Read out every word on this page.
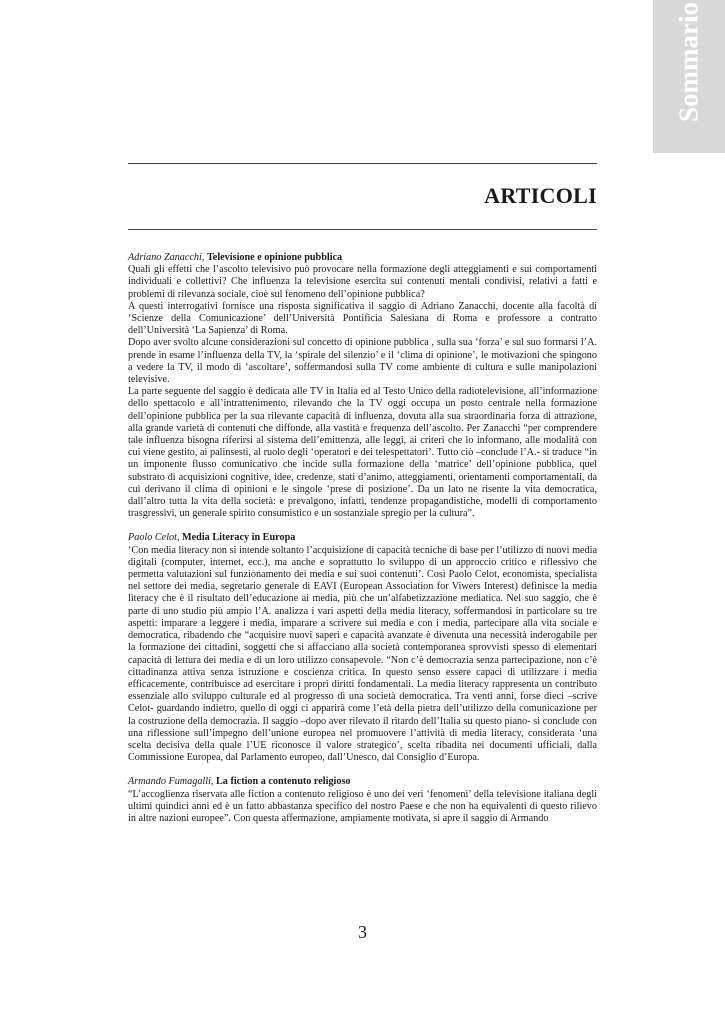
Sommario
ARTICOLI
Adriano Zanacchi, Televisione e opinione pubblica

Quali gli effetti che l’ascolto televisivo può provocare nella formazione degli atteggiamenti e sui comportamenti individuali e collettivi? Che influenza la televisione esercita sui contenuti mentali condivisi, relativi a fatti e problemi di rilevanza sociale, cioè sul fenomeno dell’opinione pubblica?

A questi interrogativi fornisce una risposta significativa il saggio di Adriano Zanacchi, docente alla facoltà di ‘Scienze della Comunicazione’ dell’Università Pontificia Salesiana di Roma e professore a contratto dell’Università ‘La Sapienza’ di Roma.

Dopo aver svolto alcune considerazioni sul concetto di opinione pubblica , sulla sua ‘forza’ e sul suo formarsi l’A. prende in esame l’influenza della TV, la ‘spirale del silenzio’ e il ‘clima di opinione’, le motivazioni che spingono a vedere la TV, il modo di ‘ascoltare’, soffermandosi sulla TV come ambiente di cultura e sulle manipolazioni televisive.

La parte seguente del saggio è dedicata alle TV in Italia ed al Testo Unico della radiotelevisione, all’informazione dello spettacolo e all’intrattenimento, rilevando che la TV oggi occupa un posto centrale nella formazione dell’opinione pubblica per la sua rilevante capacità di influenza, dovuta alla sua straordinaria forza di attrazione, alla grande varietà di contenuti che diffonde, alla vastità e frequenza dell’ascolto. Per Zanacchi “per comprendere tale influenza bisogna riferirsi al sistema dell’emittenza, alle leggi, ai criteri che lo informano, alle modalità con cui viene gestito, ai palinsesti, al ruolo degli ‘operatori e dei telespettatori’. Tutto ciò –conclude l’A.- si traduce “in un imponente flusso comunicativo che incide sulla formazione della ‘matrice’ dell’opinione pubblica, quel substrato di acquisizioni cognitive, idee, credenze, stati d’animo, atteggiamenti, orientamenti comportamentali, da cui derivano il clima di opinioni e le singole ‘prese di posizione’. Da un lato ne risente la vita democratica, dall’altro tutta la vita della società: e prevalgono, infatti, tendenze propagandistiche, modelli di comportamento trasgressivi, un generale spirito consumistico e un sostanziale spregio per la cultura”.

Paolo Celot, Media Literacy in Europa

‘Con media literacy non si intende soltanto l’acquisizione di capacità tecniche di base per l’utilizzo di nuovi media digitali (computer, internet, ecc.), ma anche e soprattutto lo sviluppo di un approccio critico e riflessivo che permetta valutazioni sul funzionamento dei media e sui suoi contenuti’. Così Paolo Celot, economista, specialista nel settore dei media, segretario generale di EAVI (European Association for Viwers Interest) definisce la media literacy che è il risultato dell’educazione ai media, più che un’alfabetizzazione mediatica. Nel suo saggio, che è parte di uno studio più ampio l’A. analizza i vari aspetti della media literacy, soffermandosi in particolare su tre aspetti: imparare a leggere i media, imparare a scrivere sui media e con i media, partecipare alla vita sociale e democratica, ribadendo che “acquisire nuovi saperi e capacità avanzate è divenuta una necessità inderogabile per la formazione dei cittadini, soggetti che si affacciano alla società contemporanea sprovvisti spesso di elementari capacità di lettura dei media e di un loro utilizzo consapevole. “Non c’è democrazia senza partecipazione, non c’è cittadinanza attiva senza istruzione e coscienza critica. In questo senso essere capaci di utilizzare i media efficacemente, contribuisce ad esercitare i propri diritti fondamentali. La media literacy rappresenta un contributo essenziale allo sviluppo culturale ed al progresso di una società democratica. Tra venti anni, forse dieci –scrive Celot- guardando indietro, quello di oggi ci apparirà come l’età della pietra dell’utilizzo della comunicazione per la costruzione della democrazia. Il saggio –dopo aver rilevato il ritardo dell’Italia su questo piano- si conclude con una riflessione sull’impegno dell’unione europea nel promuovere l’attività di media literacy, considerata ‘una scelta decisiva della quale l’UE riconosce il valore strategico’, scelta ribadita nei documenti ufficiali, dalla Commissione Europea, dal Parlamento europeo, dall’Unesco, dal Consiglio d’Europa.

Armando Fumagalli, La fiction a contenuto religioso

“L’accoglienza riservata alle fiction a contenuto religioso è uno dei veri ‘fenomeni’ della televisione italiana degli ultimi quindici anni ed è un fatto abbastanza specifico del nostro Paese e che non ha equivalenti di questo rilievo in altre nazioni europee”. Con questa affermazione, ampiamente motivata, si apre il saggio di Armando

3
